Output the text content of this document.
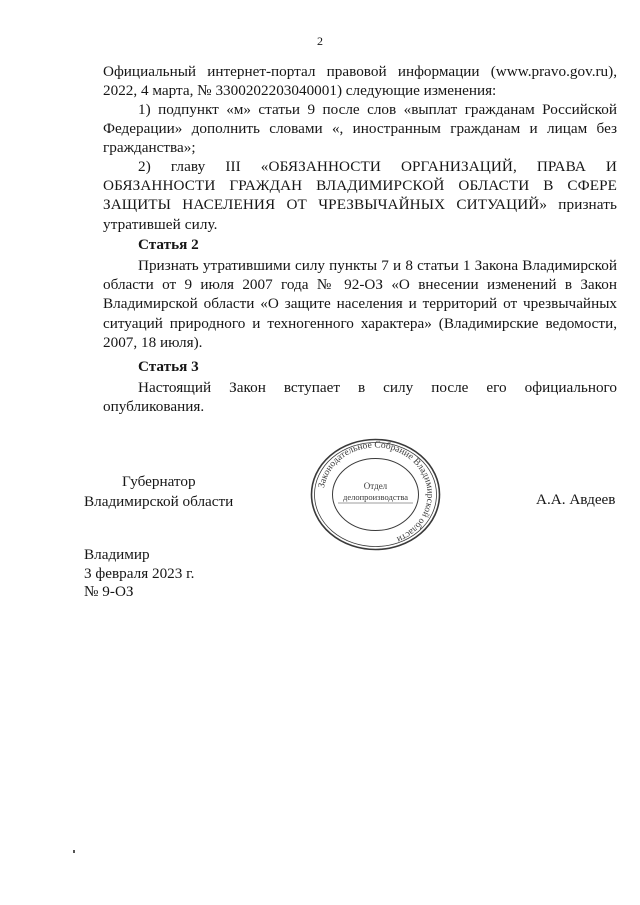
2

Официальный интернет-портал правовой информации (www.pravo.gov.ru), 2022, 4 марта, № 3300202203040001) следующие изменения:

1) подпункт «м» статьи 9 после слов «выплат гражданам Российской Федерации» дополнить словами «, иностранным гражданам и лицам без гражданства»;

2) главу III «ОБЯЗАННОСТИ ОРГАНИЗАЦИЙ, ПРАВА И ОБЯЗАННОСТИ ГРАЖДАН ВЛАДИМИРСКОЙ ОБЛАСТИ В СФЕРЕ ЗАЩИТЫ НАСЕЛЕНИЯ ОТ ЧРЕЗВЫЧАЙНЫХ СИТУАЦИЙ» признать утратившей силу.

Статья 2

Признать утратившими силу пункты 7 и 8 статьи 1 Закона Владимирской области от 9 июля 2007 года № 92-ОЗ «О внесении изменений в Закон Владимирской области «О защите населения и территорий от чрезвычайных ситуаций природного и техногенного характера» (Владимирские ведомости, 2007, 18 июля).

Статья 3

Настоящий Закон вступает в силу после его официального опубликования.

Губернатор
Владимирской области	А.А. Авдеев
Законодательное Собрание Владимирской области
Отдел
делопроизводства
Владимир
3 февраля 2023 г.
№ 9-ОЗ
